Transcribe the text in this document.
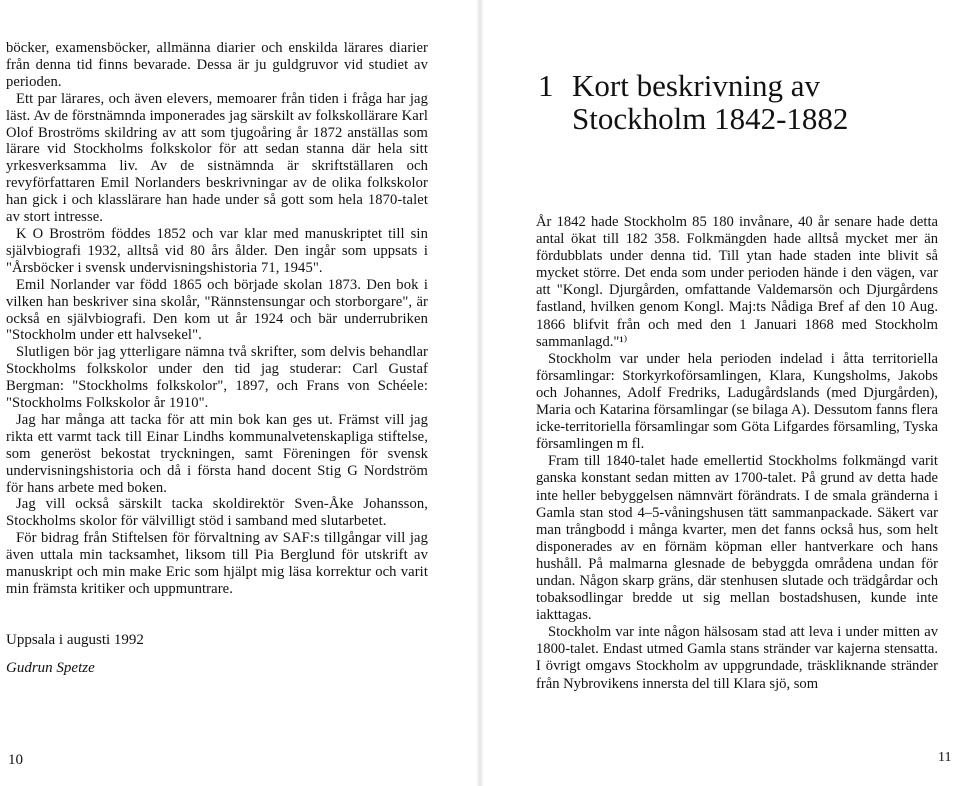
böcker, examensböcker, allmänna diarier och enskilda lärares diarier från denna tid finns bevarade. Dessa är ju guldgruvor vid studiet av perioden.

Ett par lärares, och även elevers, memoarer från tiden i fråga har jag läst. Av de förstnämnda imponerades jag särskilt av folkskollärare Karl Olof Broströms skildring av att som tjugoåring år 1872 anställas som lärare vid Stockholms folkskolor för att sedan stanna där hela sitt yrkesverksamma liv. Av de sistnämnda är skriftställaren och revyförfattaren Emil Norlanders beskrivningar av de olika folkskolor han gick i och klasslärare han hade under så gott som hela 1870-talet av stort intresse.

K O Broström föddes 1852 och var klar med manuskriptet till sin självbiografi 1932, alltså vid 80 års ålder. Den ingår som uppsats i "Årsböcker i svensk undervisningshistoria 71, 1945".

Emil Norlander var född 1865 och började skolan 1873. Den bok i vilken han beskriver sina skolår, "Rännstensungar och storborgare", är också en självbiografi. Den kom ut år 1924 och bär underrubriken "Stockholm under ett halvsekel".

Slutligen bör jag ytterligare nämna två skrifter, som delvis behandlar Stockholms folkskolor under den tid jag studerar: Carl Gustaf Bergman: "Stockholms folkskolor", 1897, och Frans von Schéele: "Stockholms Folkskolor år 1910".

Jag har många att tacka för att min bok kan ges ut. Främst vill jag rikta ett varmt tack till Einar Lindhs kommunalvetenskapliga stiftelse, som generöst bekostat tryckningen, samt Föreningen för svensk undervisningshistoria och då i första hand docent Stig G Nordström för hans arbete med boken.

Jag vill också särskilt tacka skoldirektör Sven-Åke Johansson, Stockholms skolor för välvilligt stöd i samband med slutarbetet.

För bidrag från Stiftelsen för förvaltning av SAF:s tillgångar vill jag även uttala min tacksamhet, liksom till Pia Berglund för utskrift av manuskript och min make Eric som hjälpt mig läsa korrektur och varit min främsta kritiker och uppmuntrare.

Uppsala i augusti 1992
Gudrun Spetze
10
1 Kort beskrivning av
Stockholm 1842-1882

År 1842 hade Stockholm 85 180 invånare, 40 år senare hade detta antal ökat till 182 358. Folkmängden hade alltså mycket mer än fördubblats under denna tid. Till ytan hade staden inte blivit så mycket större. Det enda som under perioden hände i den vägen, var att "Kongl. Djurgården, omfattande Valdemarsön och Djurgårdens fastland, hvilken genom Kongl. Maj:ts Nådiga Bref af den 10 Aug. 1866 blifvit från och med den 1 Januari 1868 med Stockholm sammanlagd."¹⁾

Stockholm var under hela perioden indelad i åtta territoriella församlingar: Storkyrkoförsamlingen, Klara, Kungsholms, Jakobs och Johannes, Adolf Fredriks, Ladugårdslands (med Djurgården), Maria och Katarina församlingar (se bilaga A). Dessutom fanns flera icke-territoriella församlingar som Göta Lifgardes församling, Tyska församlingen m fl.

Fram till 1840-talet hade emellertid Stockholms folkmängd varit ganska konstant sedan mitten av 1700-talet. På grund av detta hade inte heller bebyggelsen nämnvärt förändrats. I de smala gränderna i Gamla stan stod 4–5-våningshusen tätt sammanpackade. Säkert var man trångbodd i många kvarter, men det fanns också hus, som helt disponerades av en förnäm köpman eller hantverkare och hans hushåll. På malmarna glesnade de bebyggda områdena undan för undan. Någon skarp gräns, där stenhusen slutade och trädgårdar och tobaksodlingar bredde ut sig mellan bostadshusen, kunde inte iakttagas.

Stockholm var inte någon hälsosam stad att leva i under mitten av 1800-talet. Endast utmed Gamla stans stränder var kajerna stensatta. I övrigt omgavs Stockholm av uppgrundade, träskliknande stränder från Nybrovikens innersta del till Klara sjö, som

11
